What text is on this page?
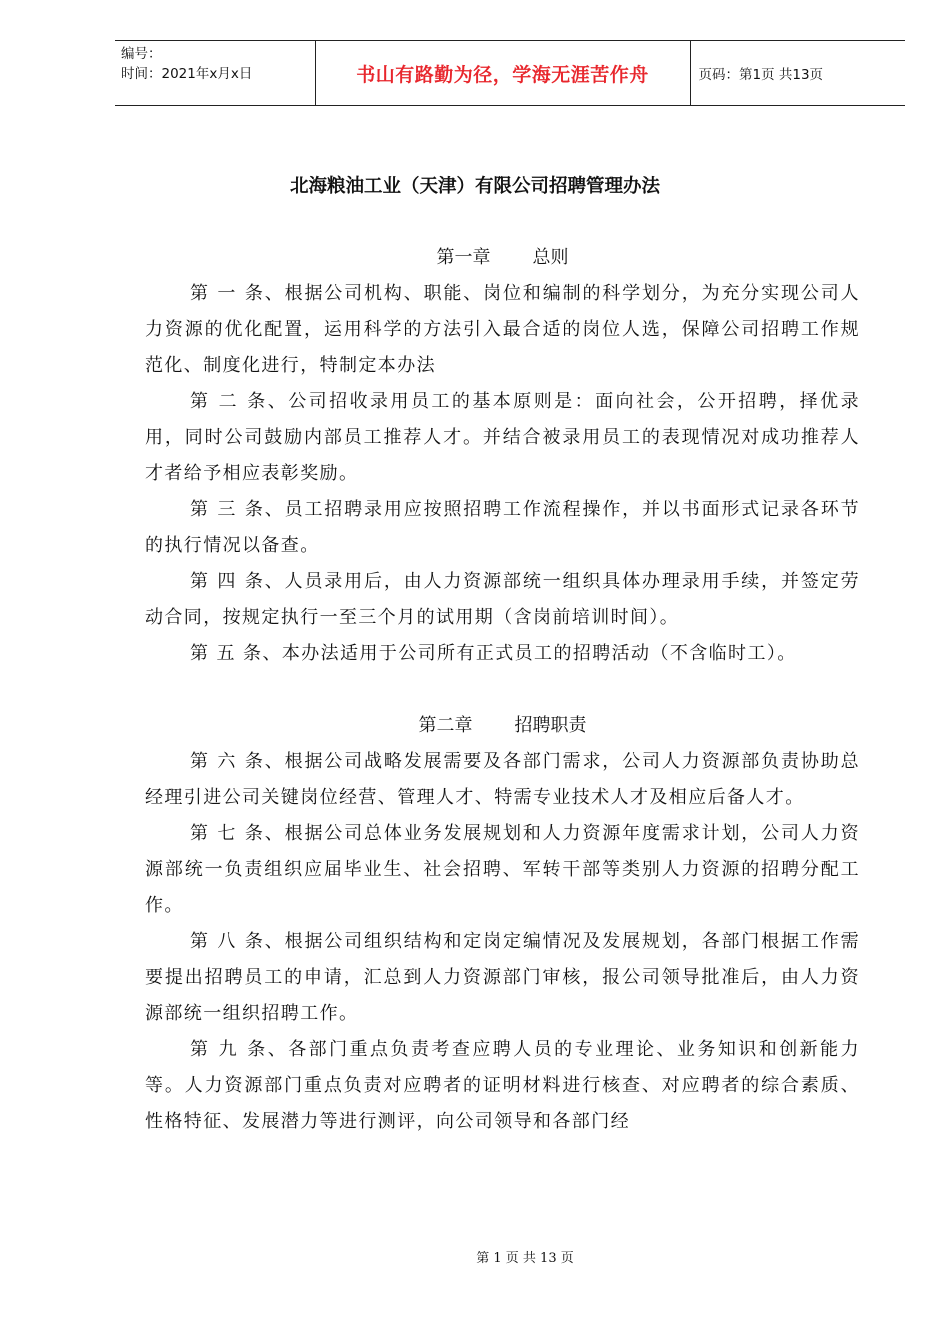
编号：
时间：2021年x月x日	书山有路勤为径，学海无涯苦作舟	页码：第1页 共13页
北海粮油工业（天津）有限公司招聘管理办法
第一章 总则

第 一 条、根据公司机构、职能、岗位和编制的科学划分，为充分实现公司人力资源的优化配置，运用科学的方法引入最合适的岗位人选，保障公司招聘工作规范化、制度化进行，特制定本办法

第 二 条、公司招收录用员工的基本原则是：面向社会，公开招聘，择优录用，同时公司鼓励内部员工推荐人才。并结合被录用员工的表现情况对成功推荐人才者给予相应表彰奖励。

第 三 条、员工招聘录用应按照招聘工作流程操作，并以书面形式记录各环节的执行情况以备查。

第 四 条、人员录用后，由人力资源部统一组织具体办理录用手续，并签定劳动合同，按规定执行一至三个月的试用期（含岗前培训时间）。

第 五 条、本办法适用于公司所有正式员工的招聘活动（不含临时工）。

第二章 招聘职责

第 六 条、根据公司战略发展需要及各部门需求，公司人力资源部负责协助总经理引进公司关键岗位经营、管理人才、特需专业技术人才及相应后备人才。

第 七 条、根据公司总体业务发展规划和人力资源年度需求计划，公司人力资源部统一负责组织应届毕业生、社会招聘、军转干部等类别人力资源的招聘分配工作。

第 八 条、根据公司组织结构和定岗定编情况及发展规划，各部门根据工作需要提出招聘员工的申请，汇总到人力资源部门审核，报公司领导批准后，由人力资源部统一组织招聘工作。

第 九 条、各部门重点负责考查应聘人员的专业理论、业务知识和创新能力等。人力资源部门重点负责对应聘者的证明材料进行核查、对应聘者的综合素质、性格特征、发展潜力等进行测评，向公司领导和各部门经

第 1 页 共 13 页
